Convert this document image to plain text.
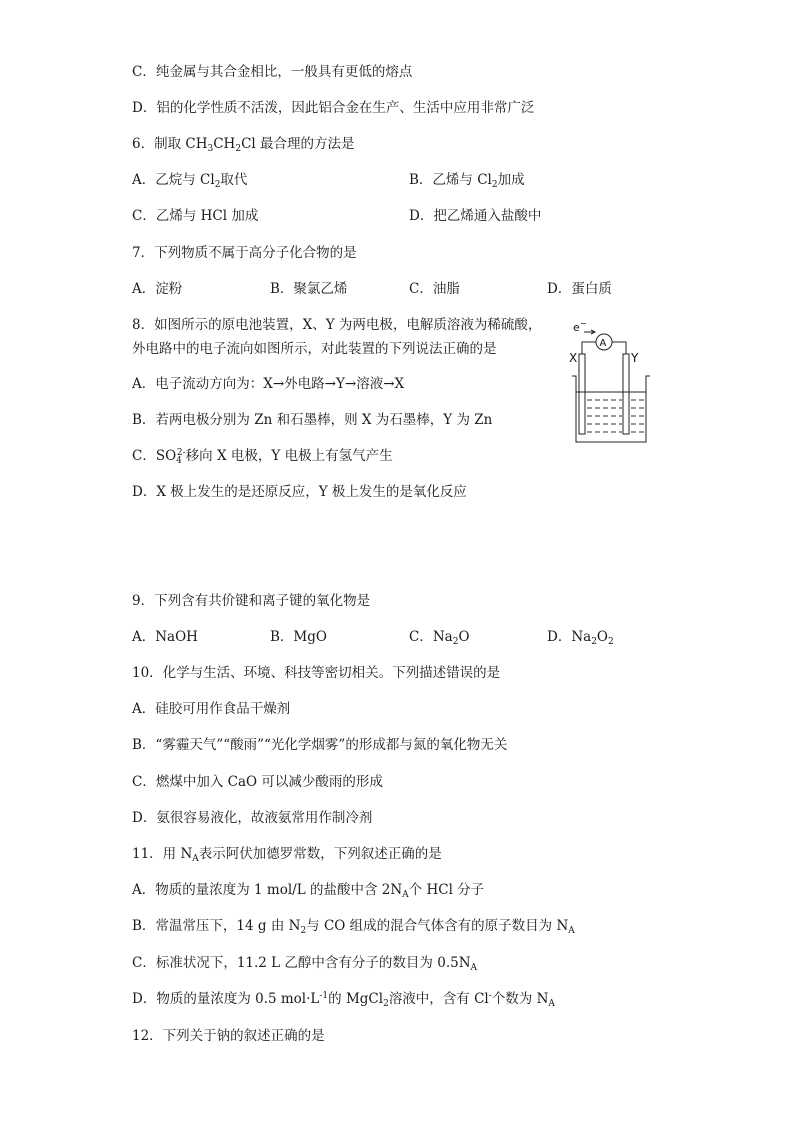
C．纯金属与其合金相比，一般具有更低的熔点
D．铝的化学性质不活泼，因此铝合金在生产、生活中应用非常广泛
6．制取 $CH_3CH_2Cl$ 最合理的方法是
A．乙烷与 $Cl_2$取代	B．乙烯与 $Cl_2$加成
C．乙烯与 HCl 加成	D．把乙烯通入盐酸中
7．下列物质不属于高分子化合物的是
A．淀粉	B．聚氯乙烯	C．油脂	D．蛋白质
8．如图所示的原电池装置，X、Y 为两电极，电解质溶液为稀硫酸，
外电路中的电子流向如图所示，对此装置的下列说法正确的是
A．电子流动方向为：X→外电路→Y→溶液→X
B．若两电极分别为 Zn 和石墨棒，则 X 为石墨棒，Y 为 Zn
C．$SO_4^{2-}$移向 X 电极，Y 电极上有氢气产生
D．X 极上发生的是还原反应，Y 极上发生的是氧化反应
e −
A
X	Y
9．下列含有共价键和离子键的氧化物是
A．NaOH	B．MgO	C．$Na_2O$	D．$Na_2O_2$
10．化学与生活、环境、科技等密切相关。下列描述错误的是
A．硅胶可用作食品干燥剂
B．“雾霾天气”“酸雨”“光化学烟雾”的形成都与氮的氧化物无关
C．燃煤中加入 CaO 可以减少酸雨的形成
D．氨很容易液化，故液氨常用作制冷剂
11．用 $N_A$表示阿伏加德罗常数，下列叙述正确的是
A．物质的量浓度为 1 mol/L 的盐酸中含 $2N_A$个 HCl 分子
B．常温常压下，14 g 由 $N_2$与 CO 组成的混合气体含有的原子数目为 $N_A$
C．标准状况下，11.2 L 乙醇中含有分子的数目为 $0.5N_A$
D．物质的量浓度为 0.5 $mol\cdot L^{-1}$的 MgCl$_2$溶液中，含有 Cl-个数为 $N_A$
12．下列关于钠的叙述正确的是
